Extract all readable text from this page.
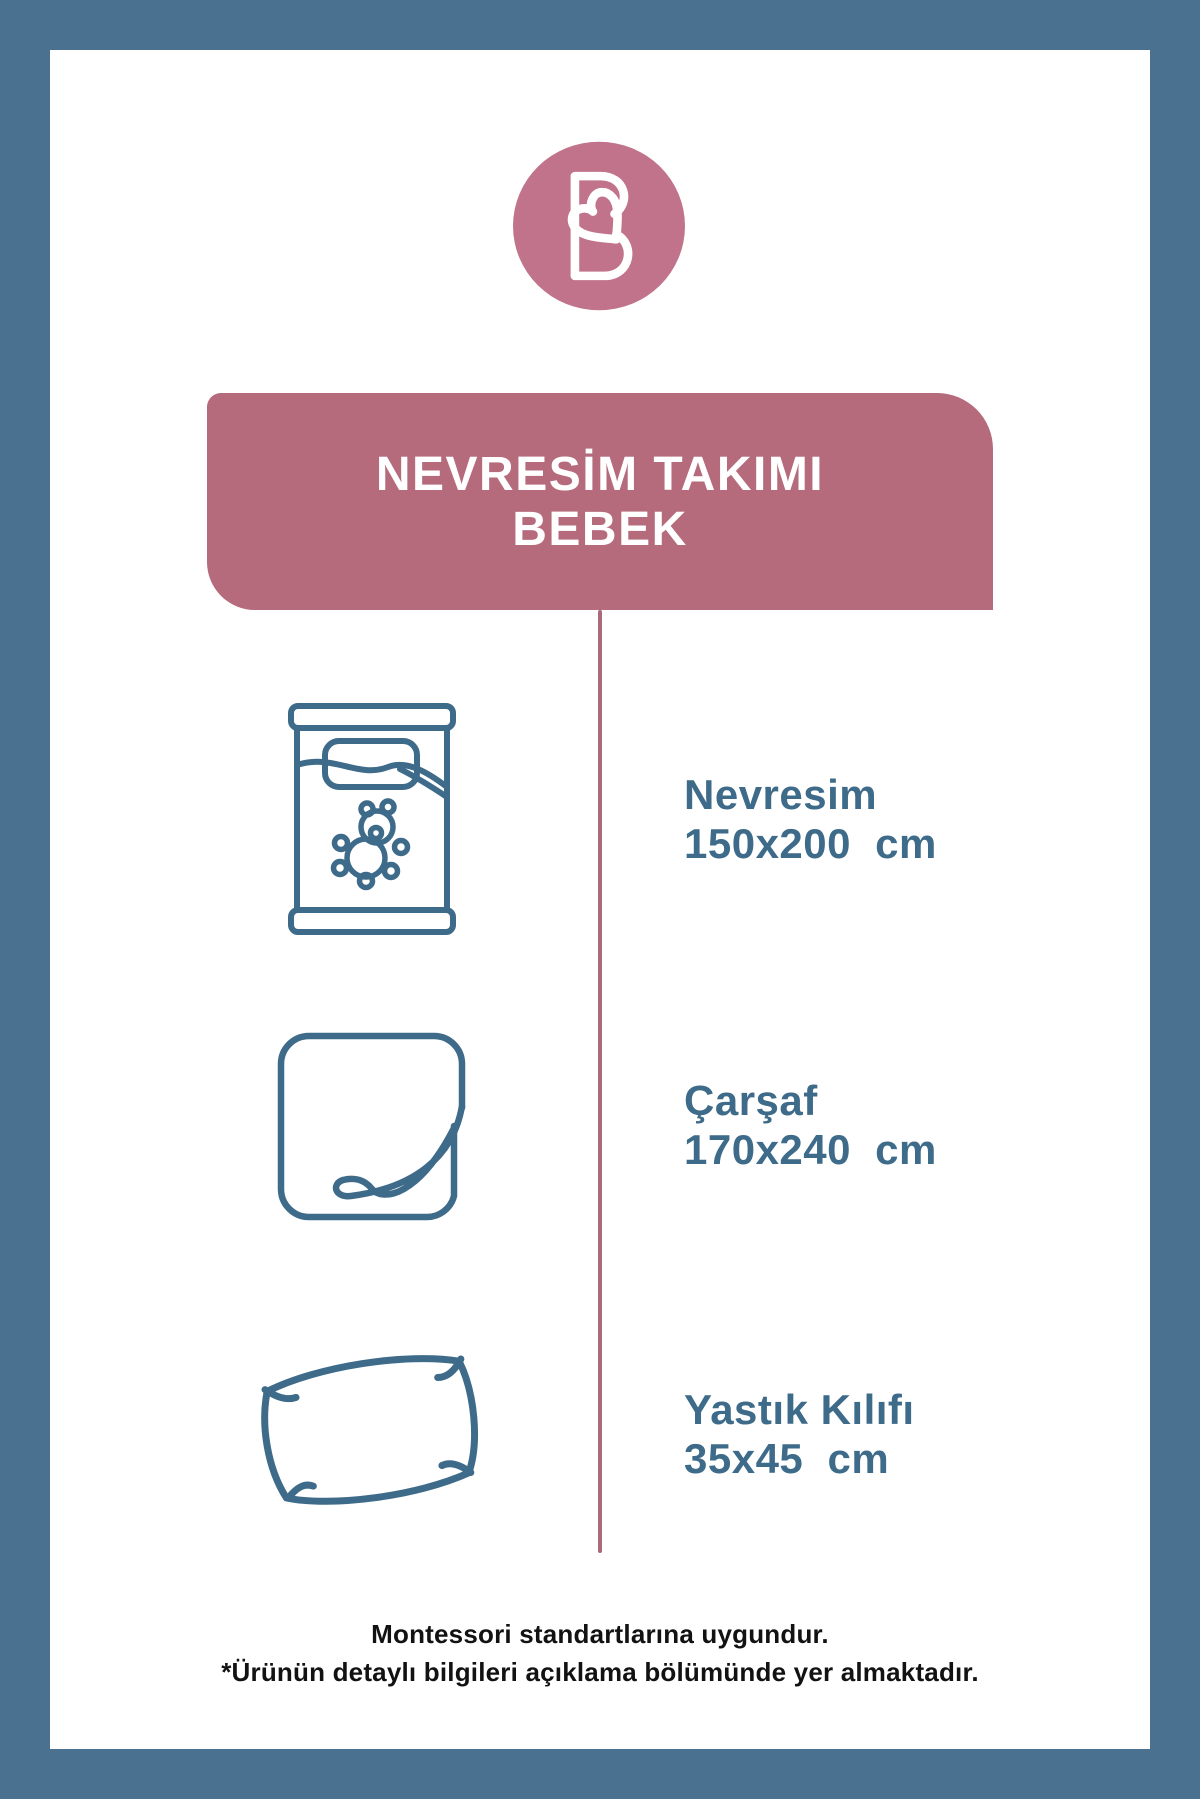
NEVRESİM TAKIMI
BEBEK
Nevresim
150x200 cm
Çarşaf
170x240 cm
Yastık Kılıfı
35x45 cm
Montessori standartlarına uygundur.
*Ürünün detaylı bilgileri açıklama bölümünde yer almaktadır.
